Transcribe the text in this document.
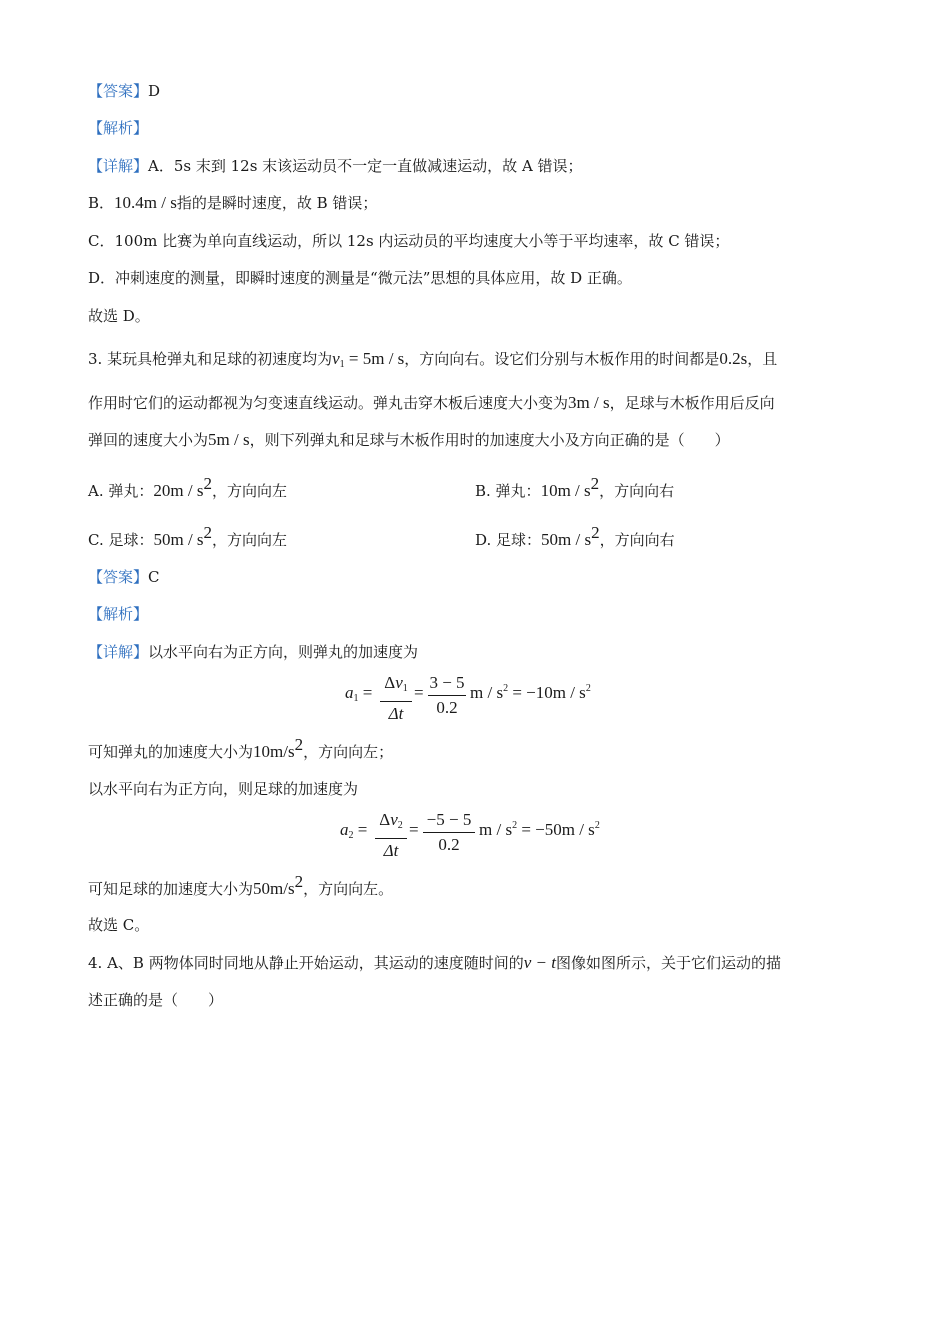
【答案】D
【解析】
【详解】A．5s 末到 12s 末该运动员不一定一直做减速运动，故 A 错误；
B．10.4m / s指的是瞬时速度，故 B 错误；
C．100m 比赛为单向直线运动，所以 12s 内运动员的平均速度大小等于平均速率，故 C 错误；
D．冲刺速度的测量，即瞬时速度的测量是“微元法”思想的具体应用，故 D 正确。
故选 D。
3. 某玩具枪弹丸和足球的初速度均为$v_1 = 5m / s$，方向向右。设它们分别与木板作用的时间都是0.2s，且
作用时它们的运动都视为匀变速直线运动。弹丸击穿木板后速度大小变为3m / s，足球与木板作用后反向
弹回的速度大小为5m / s，则下列弹丸和足球与木板作用时的加速度大小及方向正确的是（　　）
A. 弹丸：$20m / s^2$，方向向左	B. 弹丸：$10m / s^2$，方向向右
C. 足球：$50m / s^2$，方向向左	D. 足球：$50m / s^2$，方向向右
【答案】C
【解析】
【详解】以水平向右为正方向，则弹丸的加速度为
$a_1$ =
$\Delta v_1$
Δt
=
3 − 5
0.2
$m / s^2 = -10m / s^2$
可知弹丸的加速度大小为$10m/s^2$，方向向左；
以水平向右为正方向，则足球的加速度为
$a_2$ =
$\Delta v_2$
Δt
=
−5 − 5
0.2
$m / s^2 = -50m / s^2$
可知足球的加速度大小为$50m/s^2$，方向向左。
故选 C。
4. A、B 两物体同时同地从静止开始运动，其运动的速度随时间的v − t图像如图所示，关于它们运动的描
述正确的是（　　）
